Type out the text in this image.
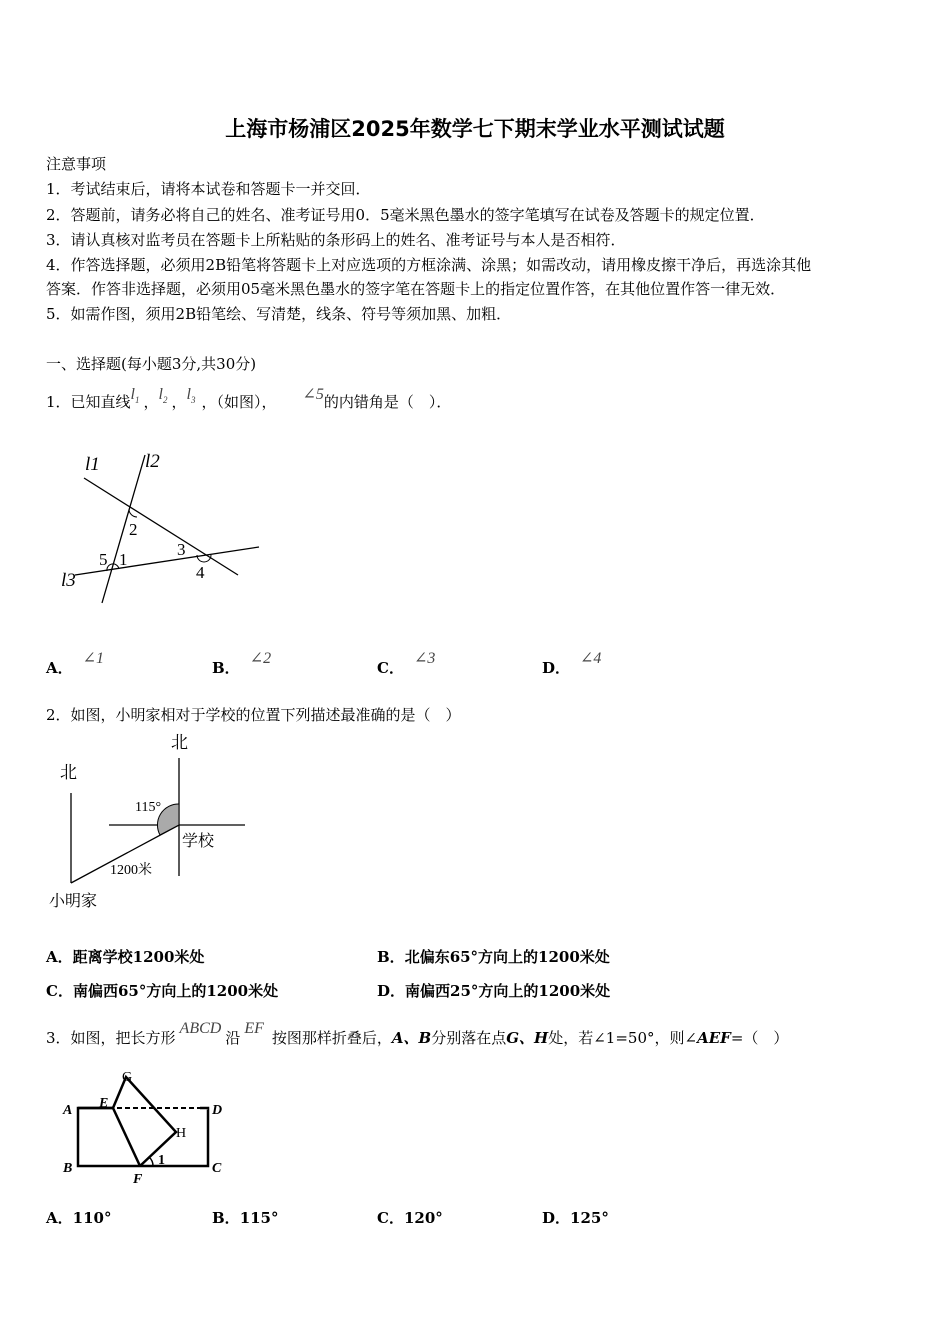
上海市杨浦区2025年数学七下期末学业水平测试试题
注意事项
1．考试结束后，请将本试卷和答题卡一并交回．
2．答题前，请务必将自己的姓名、准考证号用0．5毫米黑色墨水的签字笔填写在试卷及答题卡的规定位置．
3．请认真核对监考员在答题卡上所粘贴的条形码上的姓名、准考证号与本人是否相符．
4．作答选择题，必须用2B铅笔将答题卡上对应选项的方框涂满、涂黑；如需改动，请用橡皮擦干净后，再选涂其他
答案．作答非选择题，必须用05毫米黑色墨水的签字笔在答题卡上的指定位置作答，在其他位置作答一律无效．
5．如需作图，须用2B铅笔绘、写清楚，线条、符号等须加黑、加粗．
一、选择题(每小题3分,共30分)
1．已知直线$l_1$ ，$l_2$ ，$l_3$ ，（如图）， ∠5的内错角是（　）．
l1 l2
l3
2
1
5
3
4
A．∠1
B．∠2
C．∠3
D．∠4
2．如图，小明家相对于学校的位置下列描述最准确的是（　）
北
北
115°
学校
1200米
小明家
A．距离学校1200米处	B．北偏东65°方向上的1200米处
C．南偏西65°方向上的1200米处	D．南偏西25°方向上的1200米处
3．如图，把长方形ABCD沿EF按图那样折叠后，A、B分别落在点G、H处，若∠1=50°，则∠AEF=（　）
A
B	C
D
E
F
G
H
1
A．110°	B．115°	C．120°	D．125°
